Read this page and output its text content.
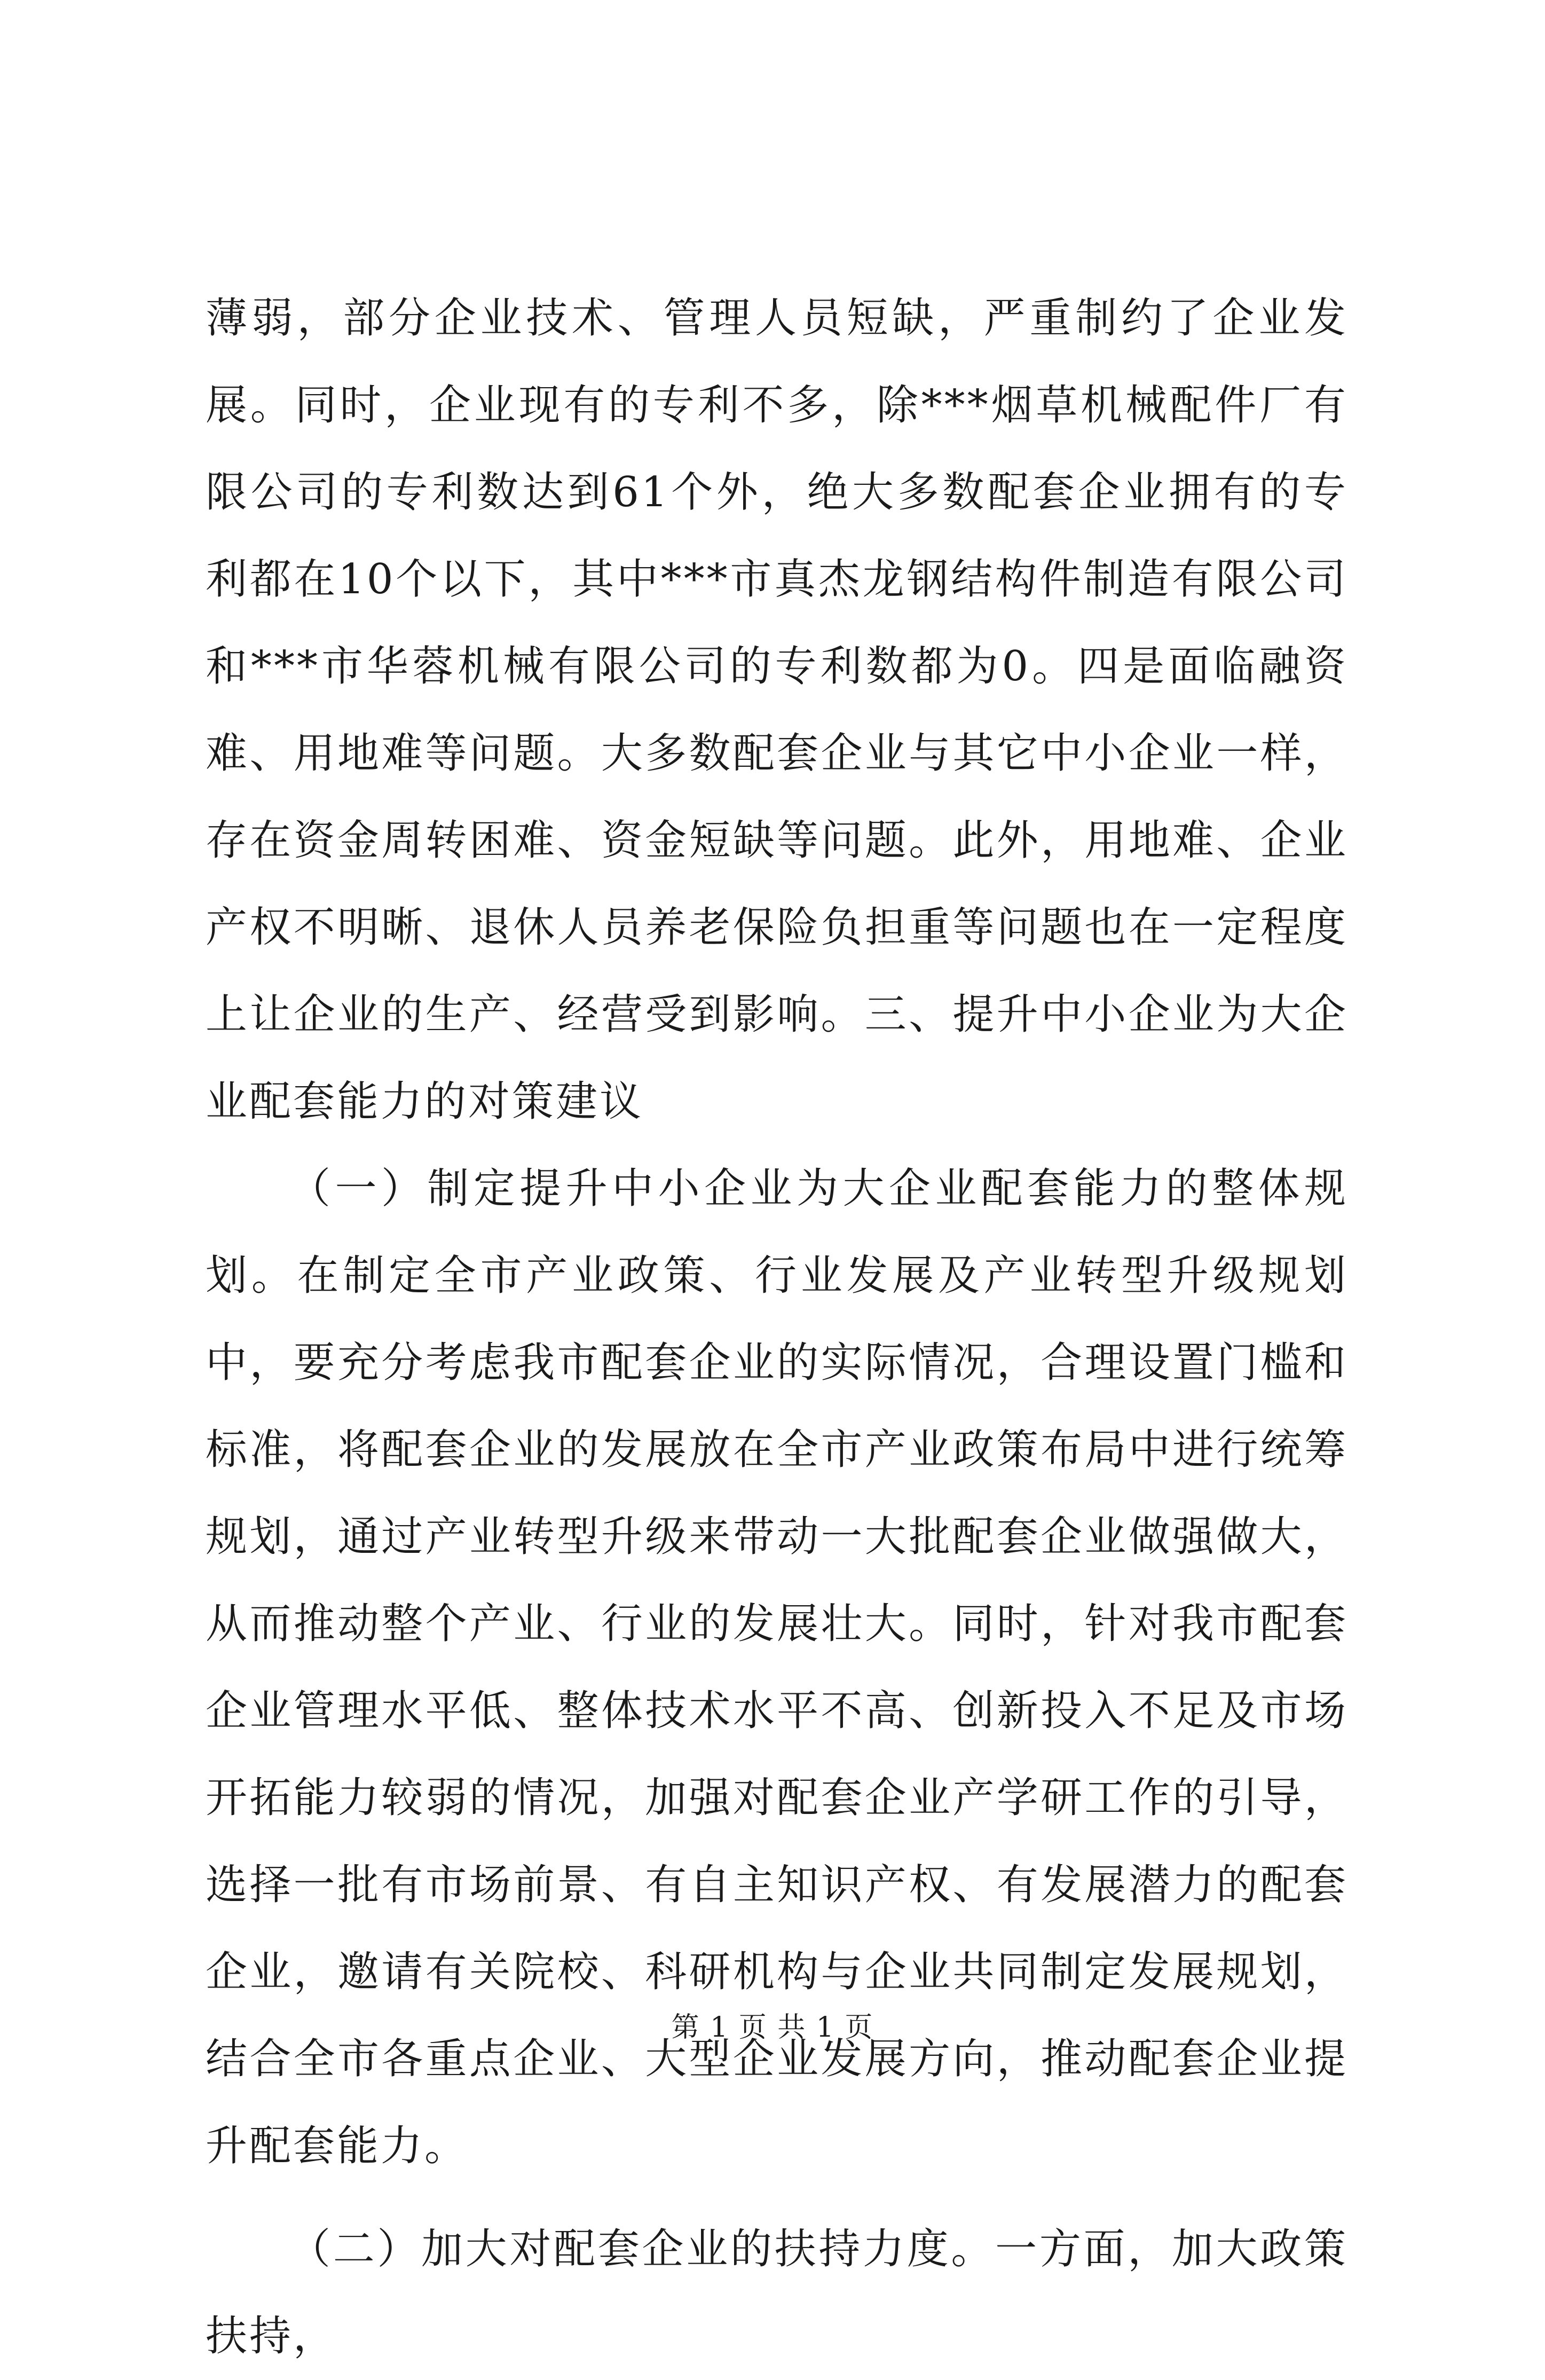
薄弱，部分企业技术、管理人员短缺，严重制约了企业发展。同时，企业现有的专利不多，除***烟草机械配件厂有限公司的专利数达到61个外，绝大多数配套企业拥有的专利都在10个以下，其中***市真杰龙钢结构件制造有限公司和***市华蓉机械有限公司的专利数都为0。四是面临融资难、用地难等问题。大多数配套企业与其它中小企业一样，存在资金周转困难、资金短缺等问题。此外，用地难、企业产权不明晰、退休人员养老保险负担重等问题也在一定程度上让企业的生产、经营受到影响。三、提升中小企业为大企业配套能力的对策建议

（一）制定提升中小企业为大企业配套能力的整体规划。在制定全市产业政策、行业发展及产业转型升级规划中，要充分考虑我市配套企业的实际情况，合理设置门槛和标准，将配套企业的发展放在全市产业政策布局中进行统筹规划，通过产业转型升级来带动一大批配套企业做强做大，从而推动整个产业、行业的发展壮大。同时，针对我市配套企业管理水平低、整体技术水平不高、创新投入不足及市场开拓能力较弱的情况，加强对配套企业产学研工作的引导，选择一批有市场前景、有自主知识产权、有发展潜力的配套企业，邀请有关院校、科研机构与企业共同制定发展规划，结合全市各重点企业、大型企业发展方向，推动配套企业提升配套能力。

（二）加大对配套企业的扶持力度。一方面，加大政策扶持，

第 1 页 共 1 页
